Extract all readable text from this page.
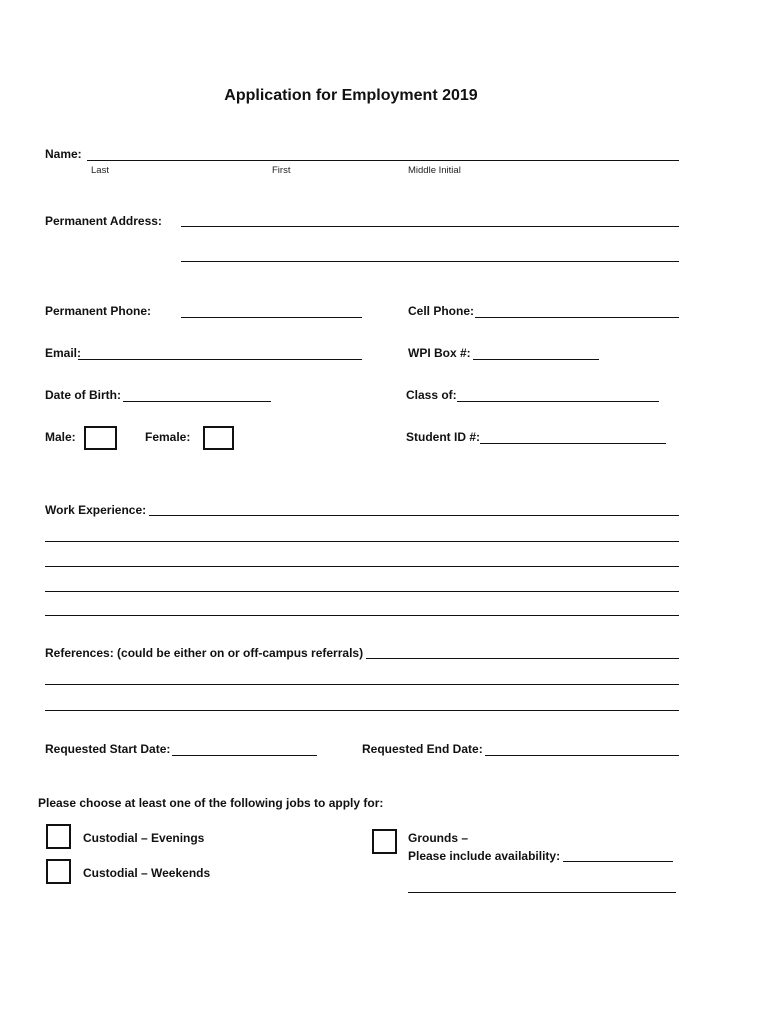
Application for Employment 2019
Name:
Last	First	Middle Initial
Permanent Address:
Permanent Phone:	Cell Phone:
Email:	WPI Box #:
Date of Birth:	Class of:
Male:	Female:	Student ID #:
Work Experience:
References: (could be either on or off-campus referrals)
Requested Start Date:	Requested End Date:
Please choose at least one of the following jobs to apply for:
Custodial – Evenings
Custodial – Weekends
Grounds –
Please include availability:
